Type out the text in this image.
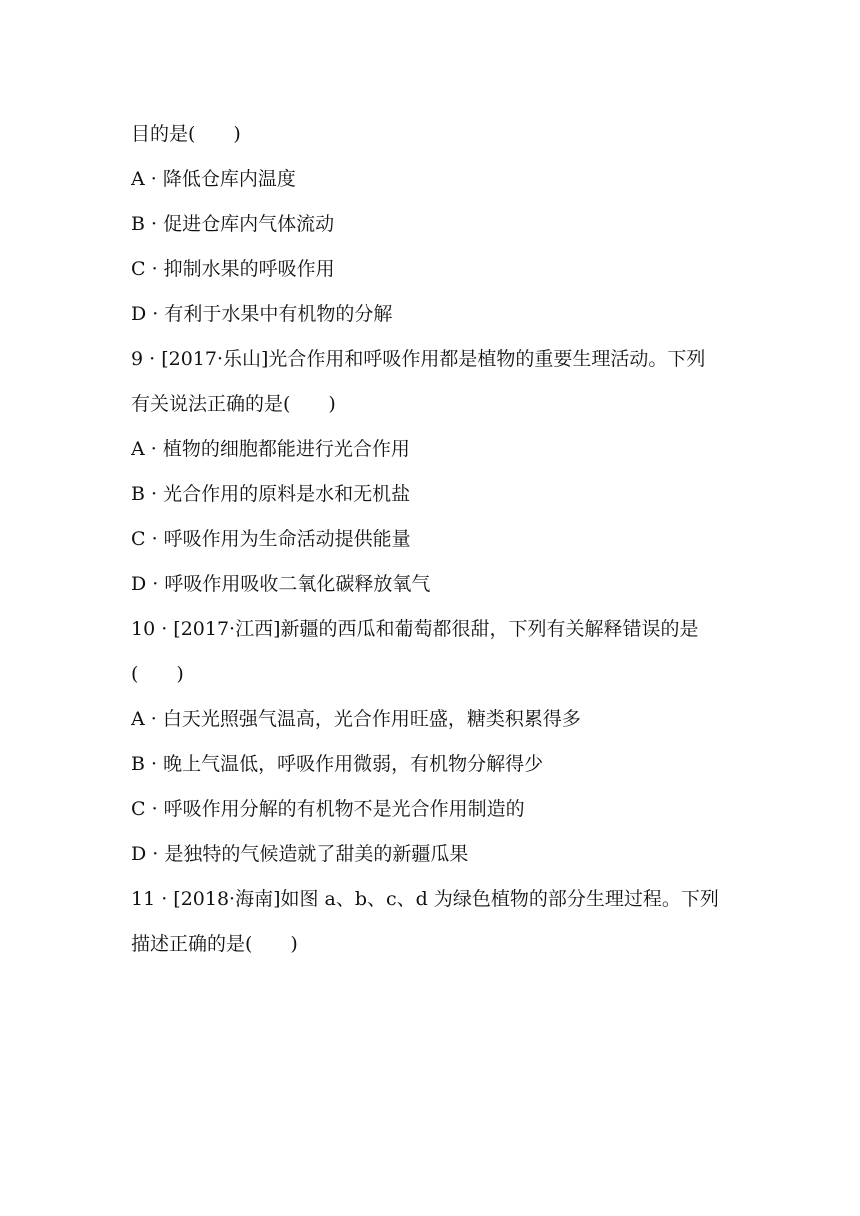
目的是(　　)
A · 降低仓库内温度
B · 促进仓库内气体流动
C · 抑制水果的呼吸作用
D · 有利于水果中有机物的分解
9 · [2017·乐山]光合作用和呼吸作用都是植物的重要生理活动。下列
有关说法正确的是(　　)
A · 植物的细胞都能进行光合作用
B · 光合作用的原料是水和无机盐
C · 呼吸作用为生命活动提供能量
D · 呼吸作用吸收二氧化碳释放氧气
10 · [2017·江西]新疆的西瓜和葡萄都很甜，下列有关解释错误的是
(　　)
A · 白天光照强气温高，光合作用旺盛，糖类积累得多
B · 晚上气温低，呼吸作用微弱，有机物分解得少
C · 呼吸作用分解的有机物不是光合作用制造的
D · 是独特的气候造就了甜美的新疆瓜果
11 · [2018·海南]如图 a、b、c、d 为绿色植物的部分生理过程。下列
描述正确的是(　　)
